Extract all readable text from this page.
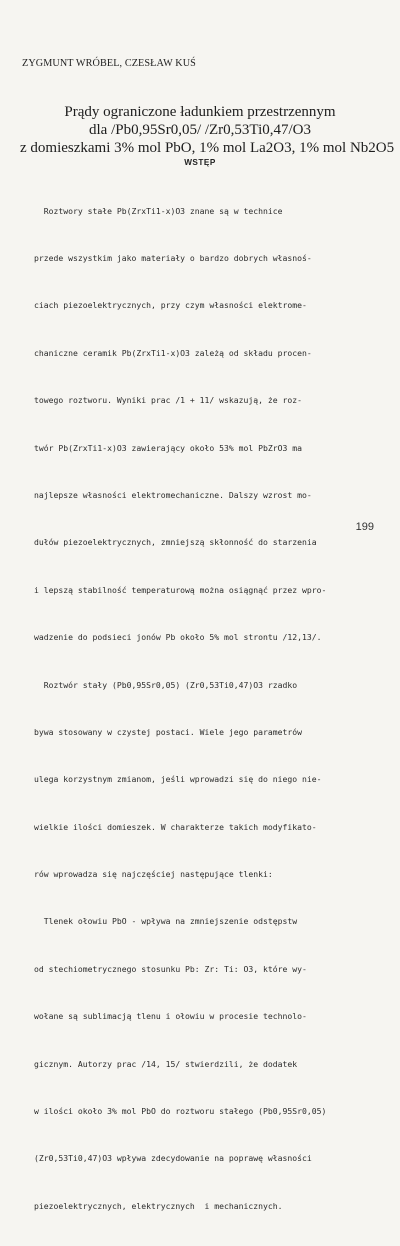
ZYGMUNT WRÓBEL, CZESŁAW KUŚ
Prądy ograniczone ładunkiem przestrzennym
dla /Pb0,95Sr0,05/ /Zr0,53Ti0,47/O3
z domieszkami 3% mol PbO, 1% mol La2O3, 1% mol Nb2O5
WSTĘP

Roztwory stałe Pb(ZrxTi1-x)O3 znane są w technice

przede wszystkim jako materiały o bardzo dobrych własnoś-

ciach piezoelektrycznych, przy czym własności elektrome-

chaniczne ceramik Pb(ZrxTi1-x)O3 zależą od składu procen-

towego roztworu. Wyniki prac /1 + 11/ wskazują, że roz-

twór Pb(ZrxTi1-x)O3 zawierający około 53% mol PbZrO3 ma

najlepsze własności elektromechaniczne. Dalszy wzrost mo-

dułów piezoelektrycznych, zmniejszą skłonność do starzenia

i lepszą stabilność temperaturową można osiągnąć przez wpro-

wadzenie do podsieci jonów Pb około 5% mol strontu /12,13/.

Roztwór stały (Pb0,95Sr0,05) (Zr0,53Ti0,47)O3 rzadko

bywa stosowany w czystej postaci. Wiele jego parametrów

ulega korzystnym zmianom, jeśli wprowadzi się do niego nie-

wielkie ilości domieszek. W charakterze takich modyfikato-

rów wprowadza się najczęściej następujące tlenki:

Tlenek ołowiu PbO - wpływa na zmniejszenie odstępstw

od stechiometrycznego stosunku Pb: Zr: Ti: O3, które wy-

wołane są sublimacją tlenu i ołowiu w procesie technolo-

gicznym. Autorzy prac /14, 15/ stwierdzili, że dodatek

w ilości około 3% mol PbO do roztworu stałego (Pb0,95Sr0,05)

(Zr0,53Ti0,47)O3 wpływa zdecydowanie na poprawę własności

piezoelektrycznych, elektrycznych  i mechanicznych.

199
